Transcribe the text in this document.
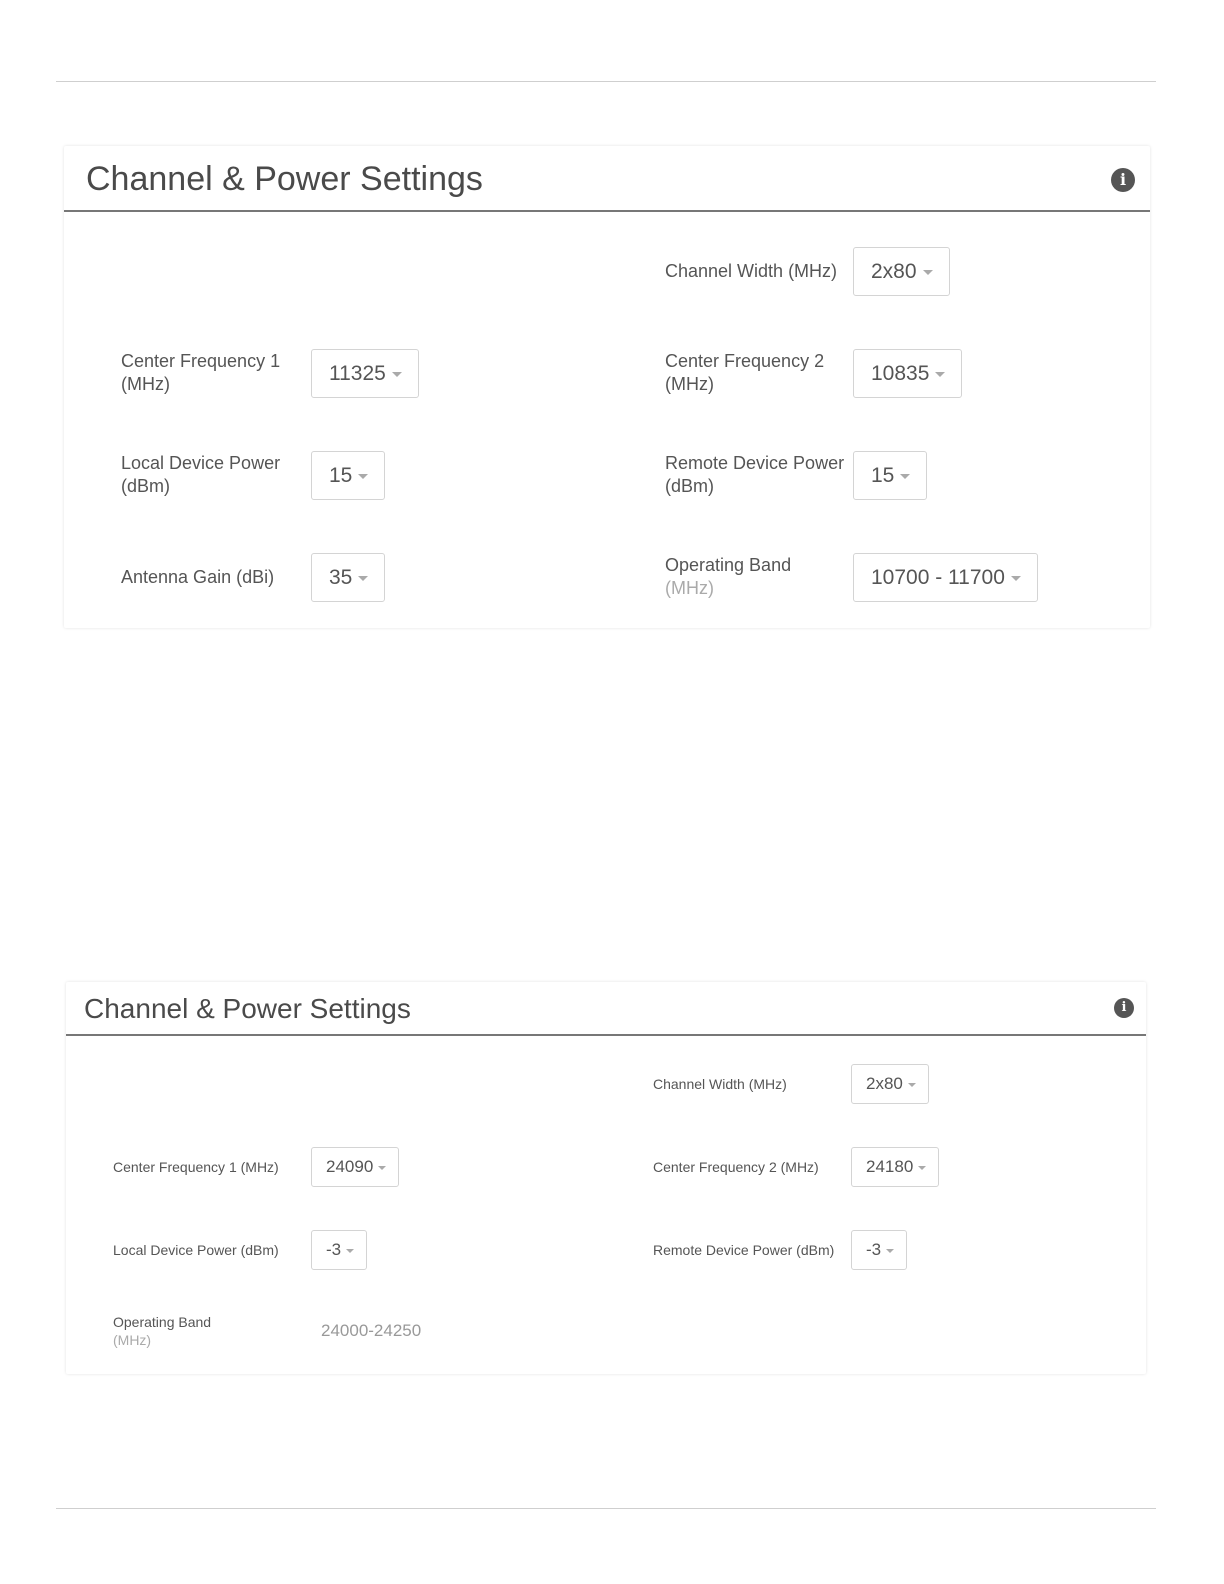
Channel & Power Settings	i
Channel Width (MHz)	2x80
Center Frequency 1
(MHz)	11325
Center Frequency 2
(MHz)	10835
Local Device Power
(dBm)	15
Remote Device Power
(dBm)	15
Antenna Gain (dBi)	35
Operating Band
(MHz)	10700 - 11700
Channel & Power Settings	i
Channel Width (MHz)	2x80
Center Frequency 1 (MHz)	24090	Center Frequency 2 (MHz)	24180
Local Device Power (dBm)	-3	Remote Device Power (dBm)	-3
Operating Band
(MHz)
24000-24250
